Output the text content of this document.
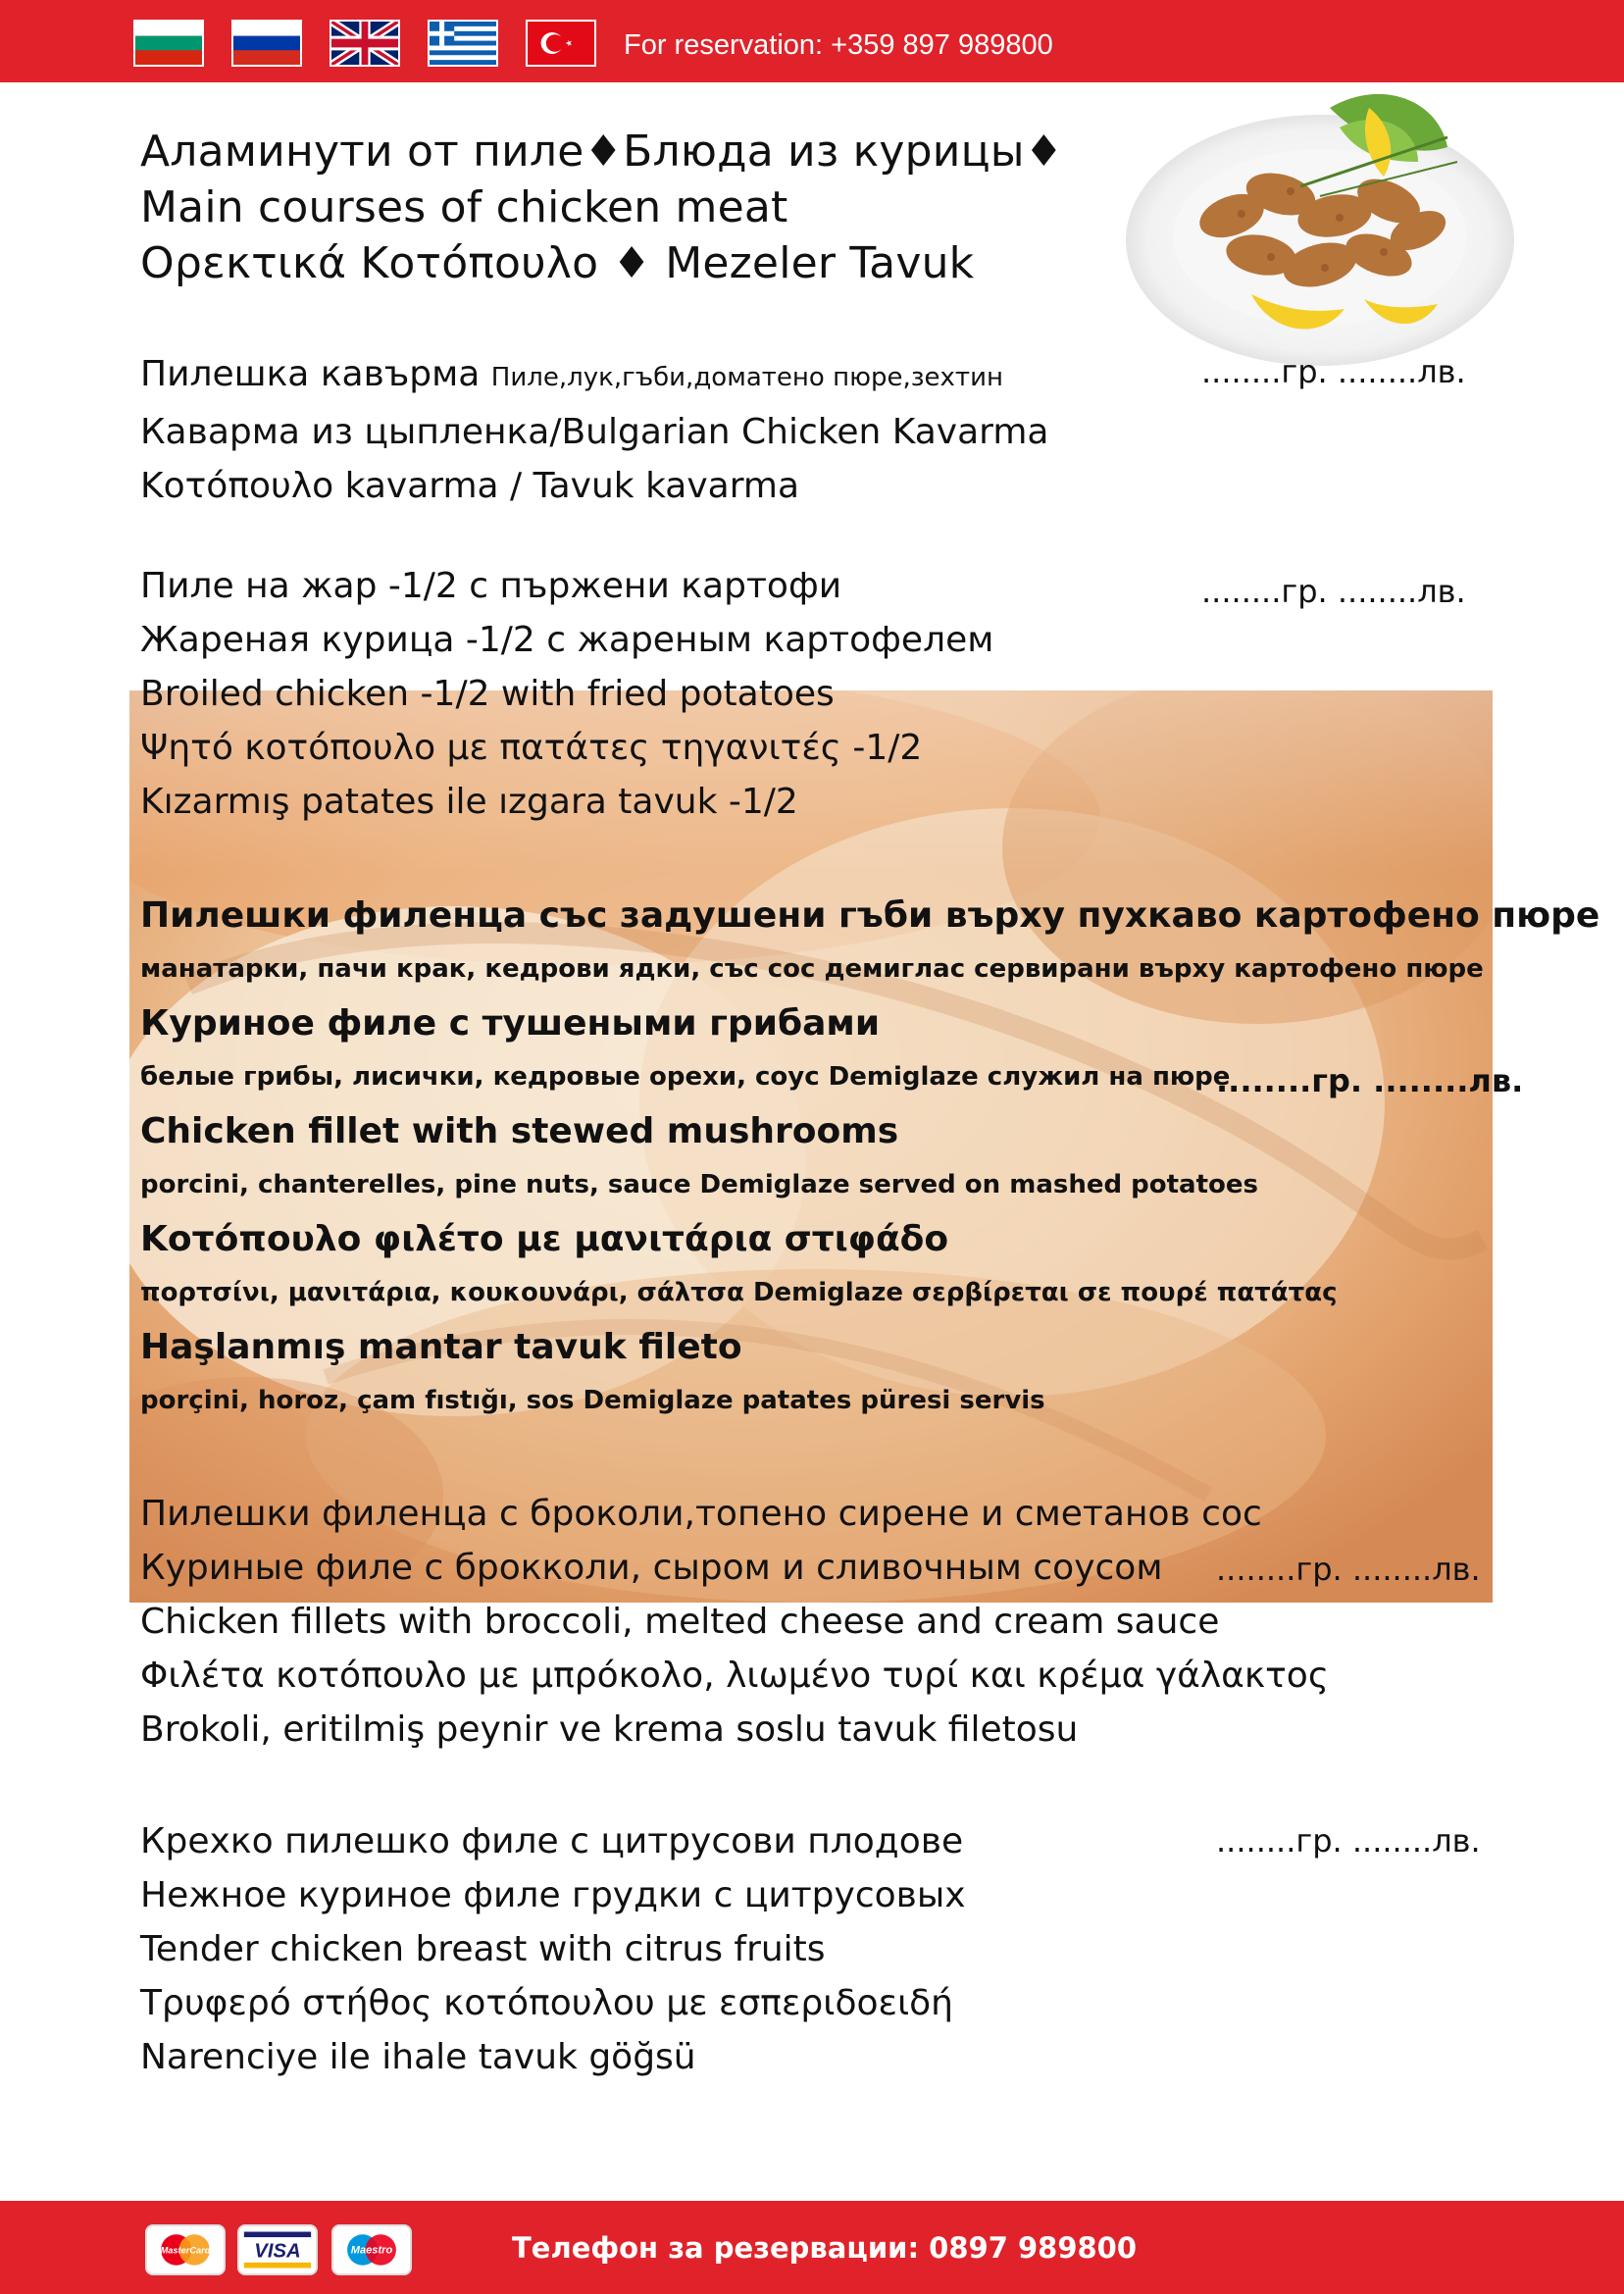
For reservation: +359 897 989800
Аламинути от пиле♦Блюда из курицы♦
Main courses of chicken meat
Ορεκτικά Κοτόπουλο ♦ Mezeler Tavuk
Пилешка кавърма Пиле,лук,гъби,доматено пюре,зехтин
Каварма из цыпленка/Bulgarian Chicken Kavarma
Κοτόπουλο kavarma / Tavuk kavarma
........гр. ........лв.
Пиле на жар -1/2 с пържени картофи
Жареная курица -1/2 с жареным картофелем
Broiled chicken -1/2 with fried potatoes
Ψητό κοτόπουλο με πατάτες τηγανιτές -1/2
Kızarmış patates ile ızgara tavuk -1/2
........гр. ........лв.
Пилешки филенца със задушени гъби върху пухкаво картофено пюре
манатарки, пачи крак, кедрови ядки, със сос демиглас сервирани върху картофено пюре
Куриное филе с тушеными грибами
белые грибы, лисички, кедровые орехи, соус Demiglaze служил на пюре
Chicken fillet with stewed mushrooms
porcini, chanterelles, pine nuts, sauce Demiglaze served on mashed potatoes
Κοτόπουλο φιλέτο με μανιτάρια στιφάδο
πορτσίνι, μανιτάρια, κουκουνάρι, σάλτσα Demiglaze σερβίρεται σε πουρέ πατάτας
Haşlanmış mantar tavuk fileto
porçini, horoz, çam fıstığı, sos Demiglaze patates püresi servis
........гр. ........лв.
Пилешки филенца с броколи,топено сирене и сметанов сос
Куриные филе с брокколи, сыром и сливочным соусом
Chicken fillets with broccoli, melted cheese and cream sauce
Φιλέτα κοτόπουλο με μπρόκολο, λιωμένο τυρί και κρέμα γάλακτος
Brokoli, eritilmiş peynir ve krema soslu tavuk filetosu
........гр. ........лв.
Крехко пилешко филе с цитрусови плодове
Нежное куриное филе грудки с цитрусовых
Tender chicken breast with citrus fruits
Τρυφερό στήθος κοτόπουλου με εσπεριδοειδή
Narenciye ile ihale tavuk göğsü
........гр. ........лв.
MasterCard VISA	Maestro	Телефон за резервации: 0897 989800
